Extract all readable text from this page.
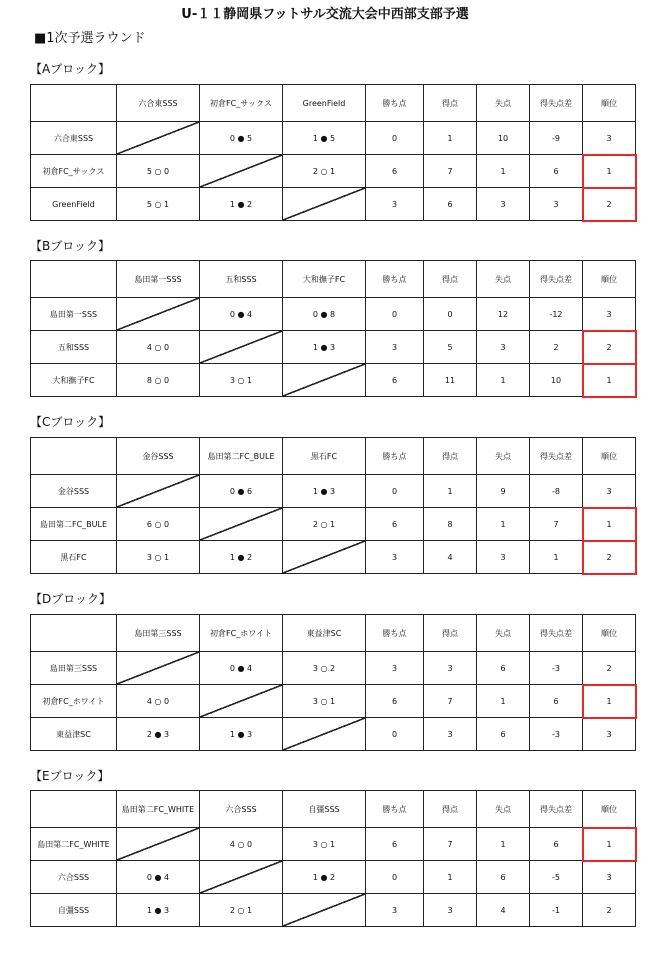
U-１１静岡県フットサル交流大会中西部支部予選
■1次予選ラウンド
【Aブロック】
	六合東SSS	初倉FC_サックス	GreenField	勝ち点	得点	失点	得失点差	順位
六合東SSS		0 ● 5	1 ● 5	0	1	10	-9	3
初倉FC_サックス	5 ○ 0		2 ○ 1	6	7	1	6	1
GreenField	5 ○ 1	1 ● 2		3	6	3	3	2
【Bブロック】
	島田第一SSS	五和SSS	大和撫子FC	勝ち点	得点	失点	得失点差	順位
島田第一SSS		0 ● 4	0 ● 8	0	0	12	-12	3
五和SSS	4 ○ 0		1 ● 3	3	5	3	2	2
大和撫子FC	8 ○ 0	3 ○ 1		6	11	1	10	1
【Cブロック】
	金谷SSS	島田第二FC_BULE	黒石FC	勝ち点	得点	失点	得失点差	順位
金谷SSS		0 ● 6	1 ● 3	0	1	9	-8	3
島田第二FC_BULE	6 ○ 0		2 ○ 1	6	8	1	7	1
黒石FC	3 ○ 1	1 ● 2		3	4	3	1	2
【Dブロック】
	島田第三SSS	初倉FC_ホワイト	東益津SC	勝ち点	得点	失点	得失点差	順位
島田第三SSS		0 ● 4	3 ○ 2	3	3	6	-3	2
初倉FC_ホワイト	4 ○ 0		3 ○ 1	6	7	1	6	1
東益津SC	2 ● 3	1 ● 3		0	3	6	-3	3
【Eブロック】
	島田第二FC_WHITE	六合SSS	自彊SSS	勝ち点	得点	失点	得失点差	順位
島田第二FC_WHITE		4 ○ 0	3 ○ 1	6	7	1	6	1
六合SSS	0 ● 4		1 ● 2	0	1	6	-5	3
自彊SSS	1 ● 3	2 ○ 1		3	3	4	-1	2
